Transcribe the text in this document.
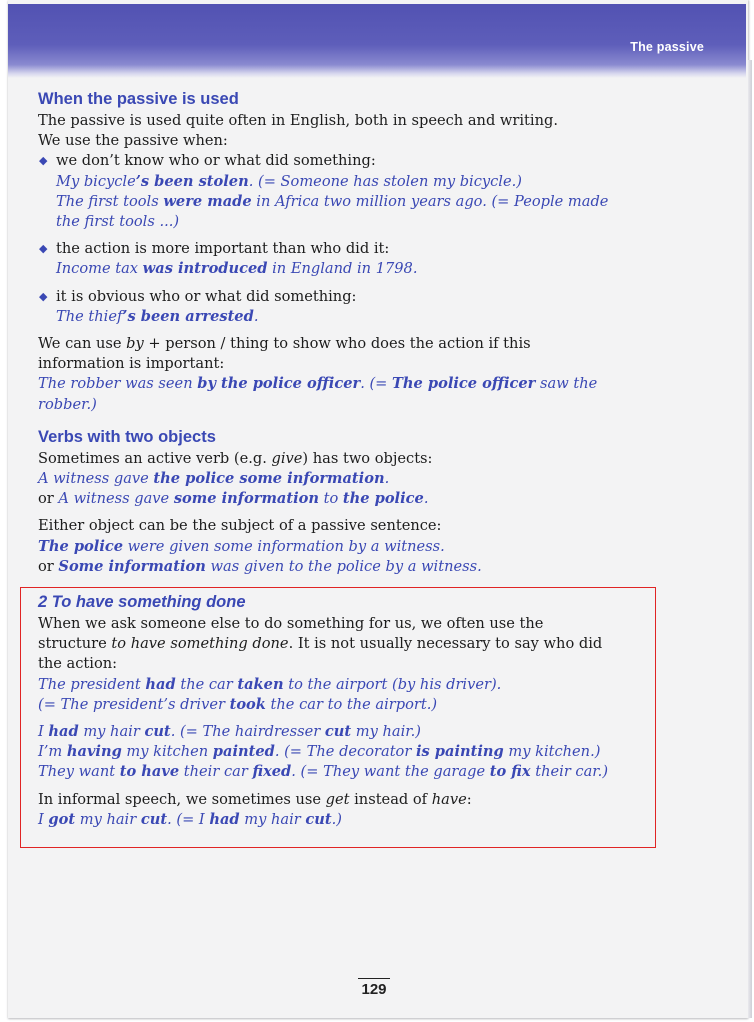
The passive
When the passive is used

The passive is used quite often in English, both in speech and writing.

We use the passive when:

◆ we don’t know who or what did something:

My bicycle’s been stolen. (= Someone has stolen my bicycle.)

The first tools were made in Africa two million years ago. (= People made

the first tools ...)

◆ the action is more important than who did it:

Income tax was introduced in England in 1798.

◆ it is obvious who or what did something:

The thief’s been arrested.

We can use by + person / thing to show who does the action if this

information is important:

The robber was seen by the police officer. (= The police officer saw the

robber.)

Verbs with two objects

Sometimes an active verb (e.g. give) has two objects:

A witness gave the police some information.

or A witness gave some information to the police.

Either object can be the subject of a passive sentence:

The police were given some information by a witness.

or Some information was given to the police by a witness.

2 To have something done

When we ask someone else to do something for us, we often use the

structure to have something done. It is not usually necessary to say who did

the action:

The president had the car taken to the airport (by his driver).

(= The president’s driver took the car to the airport.)

I had my hair cut. (= The hairdresser cut my hair.)

I’m having my kitchen painted. (= The decorator is painting my kitchen.)

They want to have their car fixed. (= They want the garage to fix their car.)

In informal speech, we sometimes use get instead of have:

I got my hair cut. (= I had my hair cut.)

129
